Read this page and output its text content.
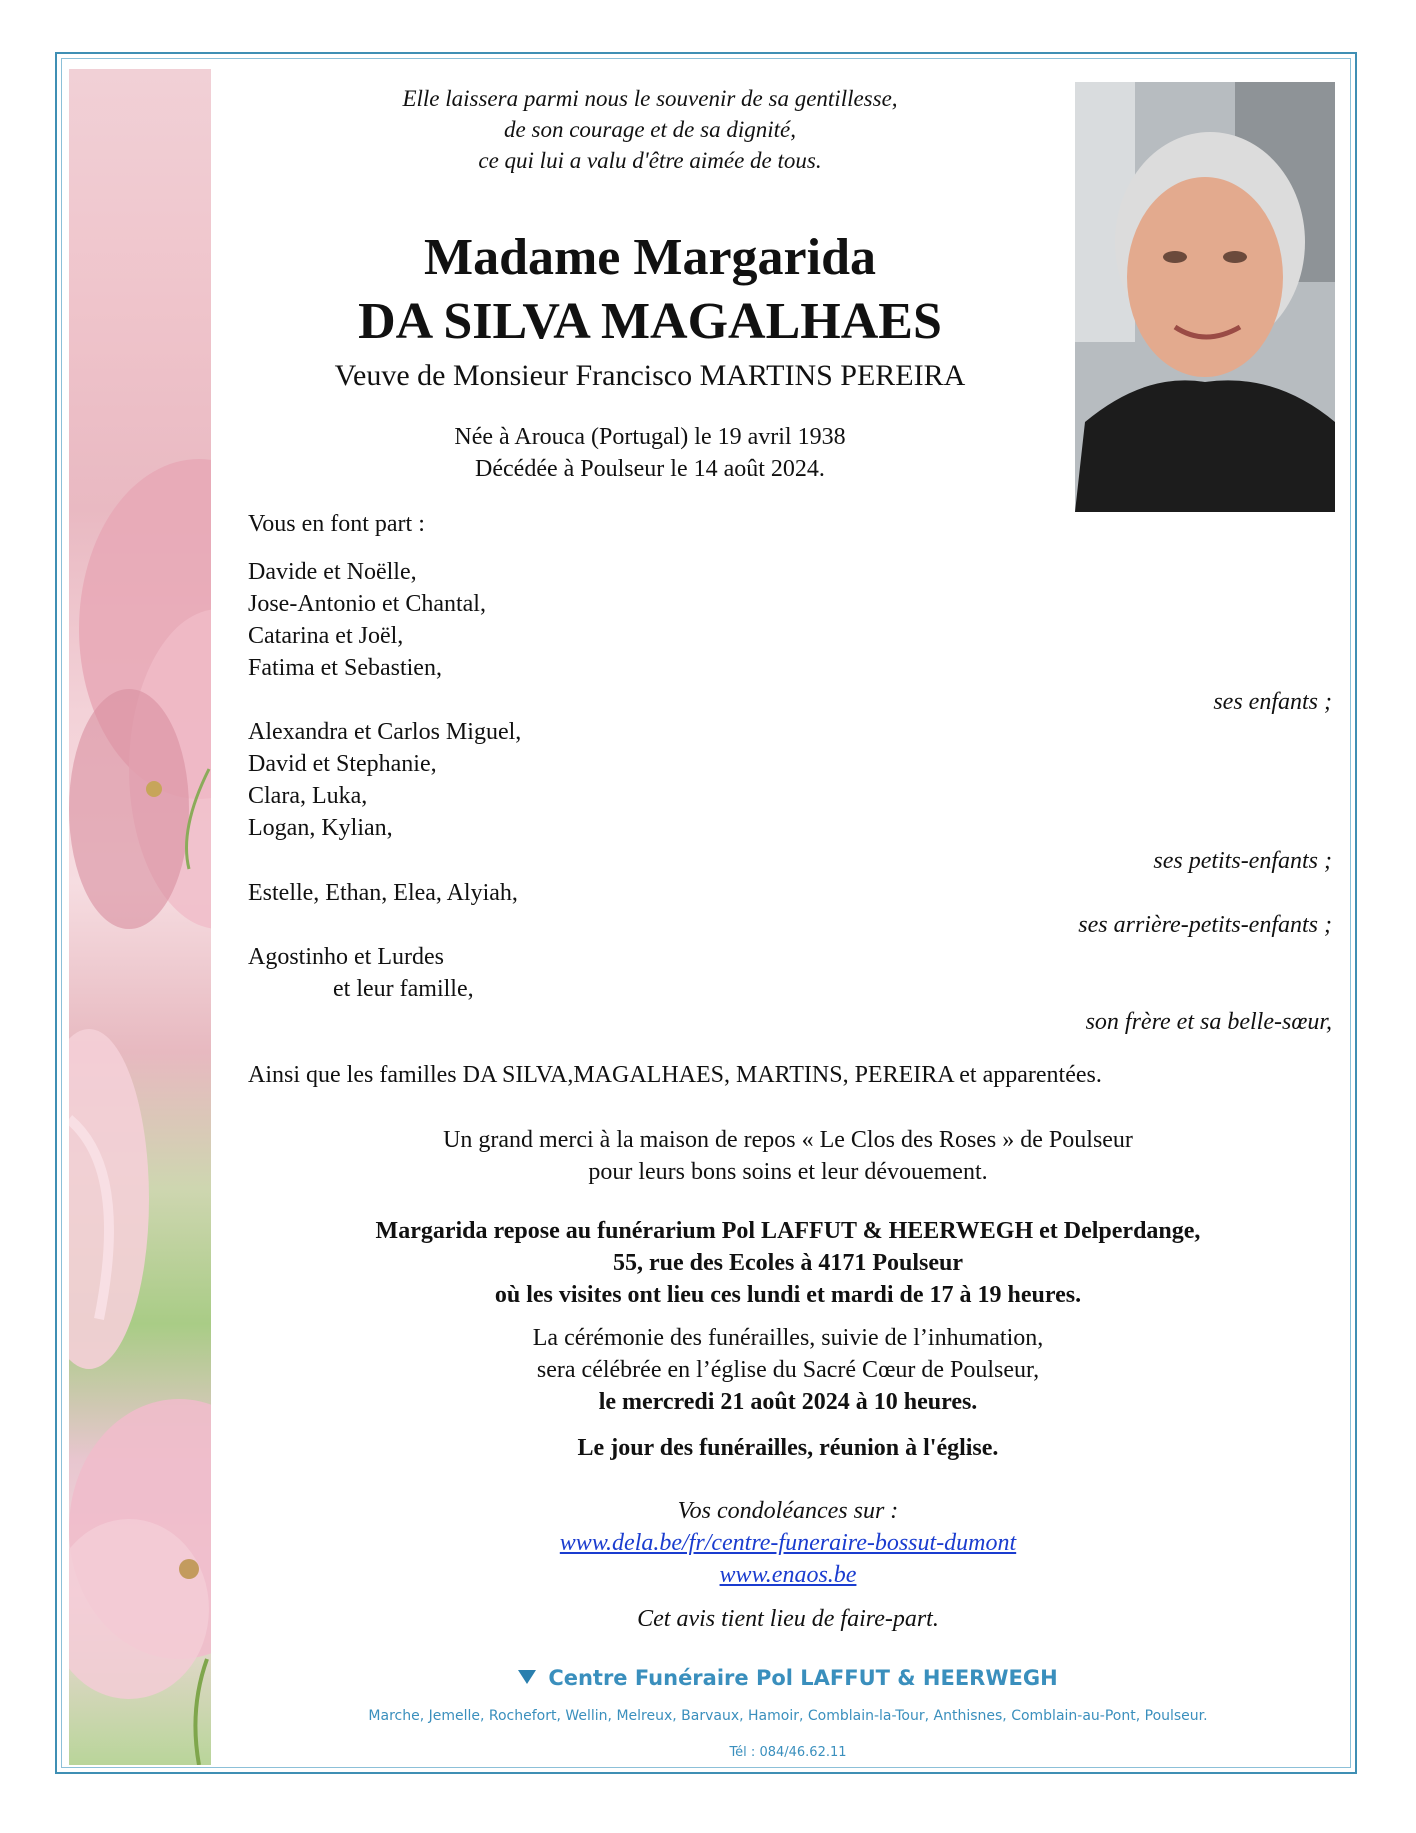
Elle laissera parmi nous le souvenir de sa gentillesse,
de son courage et de sa dignité,
ce qui lui a valu d'être aimée de tous.
Madame Margarida
DA SILVA MAGALHAES
Veuve de Monsieur Francisco MARTINS PEREIRA
Née à Arouca (Portugal) le 19 avril 1938
Décédée à Poulseur le 14 août 2024.
Vous en font part :
Davide et Noëlle,
Jose-Antonio et Chantal,
Catarina et Joël,
Fatima et Sebastien,
ses enfants ;
Alexandra et Carlos Miguel,
David et Stephanie,
Clara, Luka,
Logan, Kylian,
ses petits-enfants ;
Estelle, Ethan, Elea, Alyiah,
ses arrière-petits-enfants ;
Agostinho et Lurdes
et leur famille,
son frère et sa belle-sœur,
Ainsi que les familles DA SILVA,MAGALHAES, MARTINS, PEREIRA et apparentées.
Un grand merci à la maison de repos « Le Clos des Roses » de Poulseur
pour leurs bons soins et leur dévouement.
Margarida repose au funérarium Pol LAFFUT & HEERWEGH et Delperdange,
55, rue des Ecoles à 4171 Poulseur
où les visites ont lieu ces lundi et mardi de 17 à 19 heures.
La cérémonie des funérailles, suivie de l’inhumation,
sera célébrée en l’église du Sacré Cœur de Poulseur,
le mercredi 21 août 2024 à 10 heures.
Le jour des funérailles, réunion à l'église.
Vos condoléances sur :
www.dela.be/fr/centre-funeraire-bossut-dumont
www.enaos.be
Cet avis tient lieu de faire-part.
Centre Funéraire Pol LAFFUT & HEERWEGH
Marche, Jemelle, Rochefort, Wellin, Melreux, Barvaux, Hamoir, Comblain-la-Tour, Anthisnes, Comblain-au-Pont, Poulseur.
Tél : 084/46.62.11
